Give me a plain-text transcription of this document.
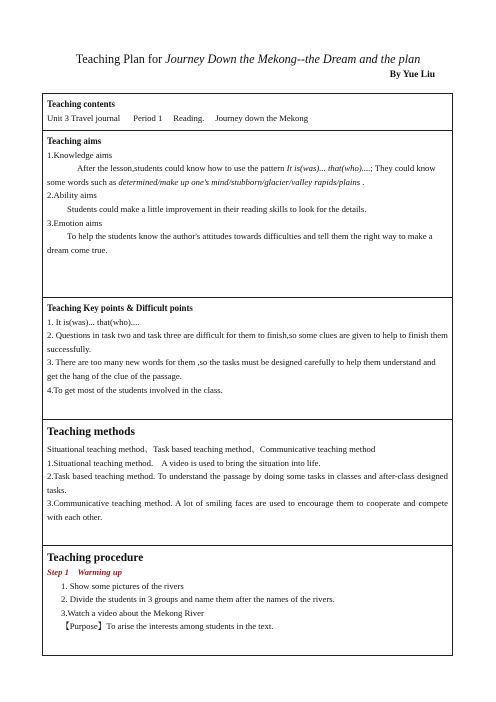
Teaching Plan for Journey Down the Mekong--the Dream and the plan
By Yue Liu
Teaching contents
Unit 3 Travel journal      Period 1     Reading.     Journey down the Mekong
Teaching aims
1.Knowledge aims
After the lesson,students could know how to use the pattern It is(was)... that(who)....; They could know some words such as determined/make up one's mind/stubborn/glacier/valley rapids/plains .
2.Ability aims
Students could make a little improvement in their reading skills to look for the details.
3.Emotion aims
To help the students know the author's attitudes towards difficulties and tell them the right way to make a dream come true.
Teaching Key points & Difficult points
1. It is(was)... that(who)....
2. Questions in task two and task three are difficult for them to finish,so some clues are given to help to finish them successfully.
3. There are too many new words for them ,so the tasks must be designed carefully to help them understand and get the hang of the clue of the passage.
4.To get most of the students involved in the class.
Teaching methods
Situational teaching method、Task based teaching method、Communicative teaching method
1.Situational teaching method.    A video is used to bring the situation into life.
2.Task based teaching method. To understand the passage by doing some tasks in classes and after-class designed tasks.
3.Communicative teaching method. A lot of smiling faces are used to encourage them to cooperate and compete with each other.
Teaching procedure
Step 1    Warming up
1. Show some pictures of the rivers
2. Divide the students in 3 groups and name them after the names of the rivers.
3.Watch a video about the Mekong River
【Purpose】To arise the interests among students in the text.
